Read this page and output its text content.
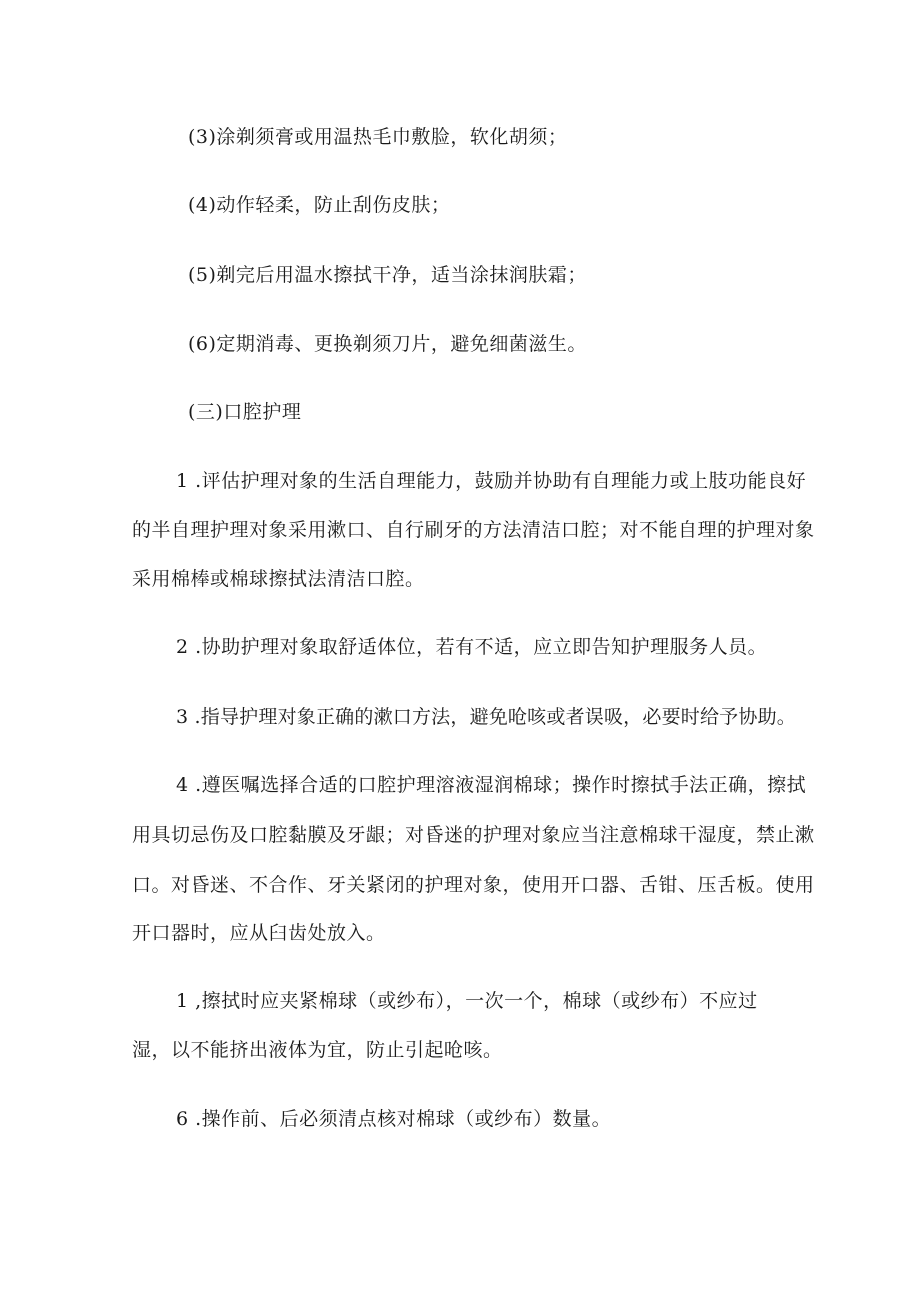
(3)涂剃须膏或用温热毛巾敷脸，软化胡须；
(4)动作轻柔，防止刮伤皮肤；
(5)剃完后用温水擦拭干净，适当涂抹润肤霜；
(6)定期消毒、更换剃须刀片，避免细菌滋生。
(三)口腔护理
1 .评估护理对象的生活自理能力，鼓励并协助有自理能力或上肢功能良好
的半自理护理对象采用漱口、自行刷牙的方法清洁口腔；对不能自理的护理对象
采用棉棒或棉球擦拭法清洁口腔。
2 .协助护理对象取舒适体位，若有不适，应立即告知护理服务人员。
3 .指导护理对象正确的漱口方法，避免呛咳或者误吸，必要时给予协助。
4 .遵医嘱选择合适的口腔护理溶液湿润棉球；操作时擦拭手法正确，擦拭
用具切忌伤及口腔黏膜及牙龈；对昏迷的护理对象应当注意棉球干湿度，禁止漱
口。对昏迷、不合作、牙关紧闭的护理对象，使用开口器、舌钳、压舌板。使用
开口器时，应从臼齿处放入。
1 ,擦拭时应夹紧棉球（或纱布），一次一个，棉球（或纱布）不应过
湿，以不能挤出液体为宜，防止引起呛咳。
6 .操作前、后必须清点核对棉球（或纱布）数量。
